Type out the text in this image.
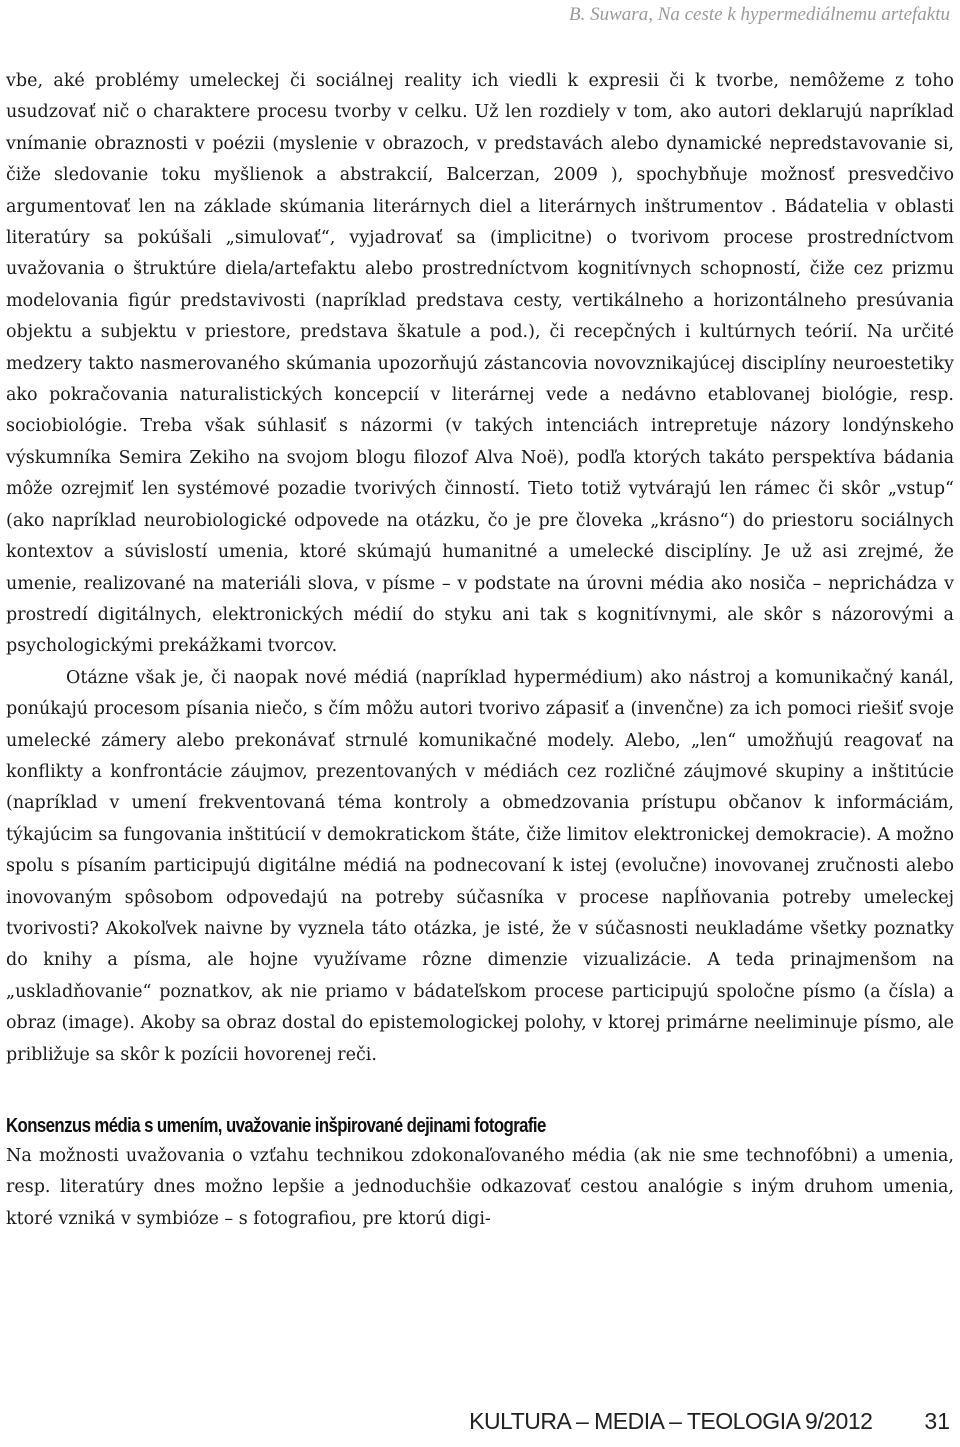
B. Suwara, Na ceste k hypermediálnemu artefaktu

vbe, aké problémy umeleckej či sociálnej reality ich viedli k expresii či k tvorbe, nemôžeme z toho usudzovať nič o charaktere procesu tvorby v celku. Už len rozdiely v tom, ako autori deklarujú napríklad vnímanie obraznosti v poézii (myslenie v obrazoch, v predstavách alebo dynamické nepredstavovanie si, čiže sledovanie toku myšlienok a abstrakcií, Balcerzan, 2009 ), spochybňuje možnosť presvedčivo argumentovať len na základe skúmania literárnych diel a literárnych inštrumentov . Bádatelia v oblasti literatúry sa pokúšali „simulovať“, vyjadrovať sa (implicitne) o tvorivom procese prostredníctvom uvažovania o štruktúre diela/artefaktu alebo prostredníctvom kognitívnych schopností, čiže cez prizmu modelovania figúr predstavivosti (napríklad predstava cesty, vertikálneho a horizontálneho presúvania objektu a subjektu v priestore, predstava škatule a pod.), či recepčných i kultúrnych teórií. Na určité medzery takto nasmerovaného skúmania upozorňujú zástancovia novovznikajúcej disciplíny neuroestetiky ako pokračovania naturalistických koncepcií v literárnej vede a nedávno etablovanej biológie, resp. sociobiológie. Treba však súhlasiť s názormi (v takých intenciách intrepretuje názory londýnskeho výskumníka Semira Zekiho na svojom blogu filozof Alva Noë), podľa ktorých takáto perspektíva bádania môže ozrejmiť len systémové pozadie tvorivých činností. Tieto totiž vytvárajú len rámec či skôr „vstup“ (ako napríklad neurobiologické odpovede na otázku, čo je pre človeka „krásno“) do priestoru sociálnych kontextov a súvislostí umenia, ktoré skúmajú humanitné a umelecké disciplíny. Je už asi zrejmé, že umenie, realizované na materiáli slova, v písme – v podstate na úrovni média ako nosiča – neprichádza v prostredí digitálnych, elektronických médií do styku ani tak s kognitívnymi, ale skôr s názorovými a psychologickými prekážkami tvorcov.

Otázne však je, či naopak nové médiá (napríklad hypermédium) ako nástroj a komunikačný kanál, ponúkajú procesom písania niečo, s čím môžu autori tvorivo zápasiť a (invenčne) za ich pomoci riešiť svoje umelecké zámery alebo prekonávať strnulé komunikačné modely. Alebo, „len“ umožňujú reagovať na konflikty a konfrontácie záujmov, prezentovaných v médiách cez rozličné záujmové skupiny a inštitúcie (napríklad v umení frekventovaná téma kontroly a obmedzovania prístupu občanov k informáciám, týkajúcim sa fungovania inštitúcií v demokratickom štáte, čiže limitov elektronickej demokracie). A možno spolu s písaním participujú digitálne médiá na podnecovaní k istej (evolučne) inovovanej zručnosti alebo inovovaným spôsobom odpovedajú na potreby súčasníka v procese napĺňovania potreby umeleckej tvorivosti? Akokoľvek naivne by vyznela táto otázka, je isté, že v súčasnosti neukladáme všetky poznatky do knihy a písma, ale hojne využívame rôzne dimenzie vizualizácie. A teda prinajmenšom na „uskladňovanie“ poznatkov, ak nie priamo v bádateľskom procese participujú spoločne písmo (a čísla) a obraz (image). Akoby sa obraz dostal do epistemologickej polohy, v ktorej primárne neeliminuje písmo, ale približuje sa skôr k pozícii hovorenej reči.

Konsenzus média s umením, uvažovanie inšpirované dejinami fotografie

Na možnosti uvažovania o vzťahu technikou zdokonaľovaného média (ak nie sme technofóbni) a umenia, resp. literatúry dnes možno lepšie a jednoduchšie odkazovať cestou analógie s iným druhom umenia, ktoré vzniká v symbióze – s fotografiou, pre ktorú digi-

KULTURA – MEDIA – TEOLOGIA 9/2012 31
